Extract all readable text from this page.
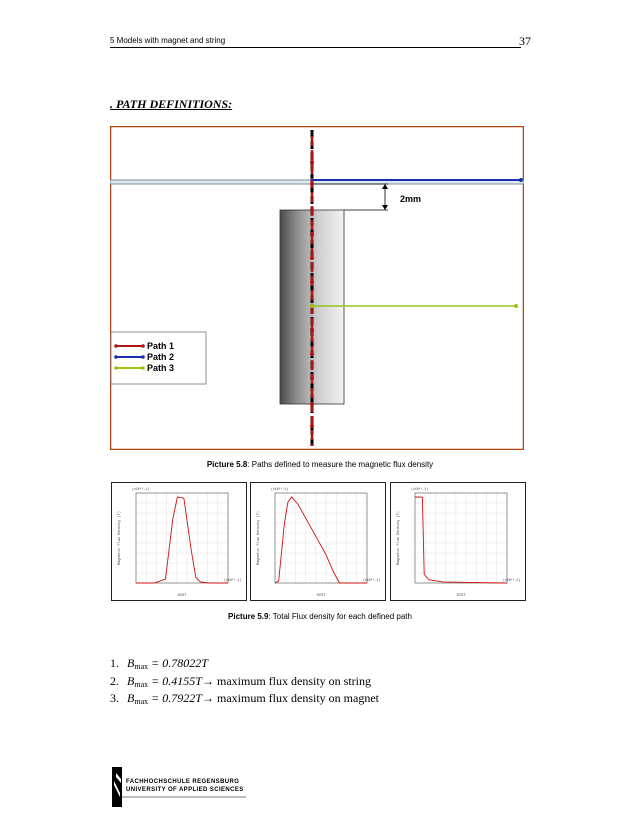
5 Models with magnet and string	37
. PATH DEFINITIONS:
2mm
Path 1
Path 2
Path 3
Picture 5.8: Paths defined to measure the magnetic flux density
Magnetic Flux Density (T)
DIST
(x10**-1)
(x10**-1)
Magnetic Flux Density (T)
DIST
(x10**-1)
(x10**-1)
Magnetic Flux Density (T)
DIST
(x10**-1)
(x10**-1)
Picture 5.9: Total Flux density for each defined path
1. $B_{max} = 0.78022T$
2. $B_{max} = 0.4155T$ → maximum flux density on string
3. $B_{max} = 0.7922T$ → maximum flux density on magnet
FACHHOCHSCHULE REGENSBURG
UNIVERSITY OF APPLIED SCIENCES
